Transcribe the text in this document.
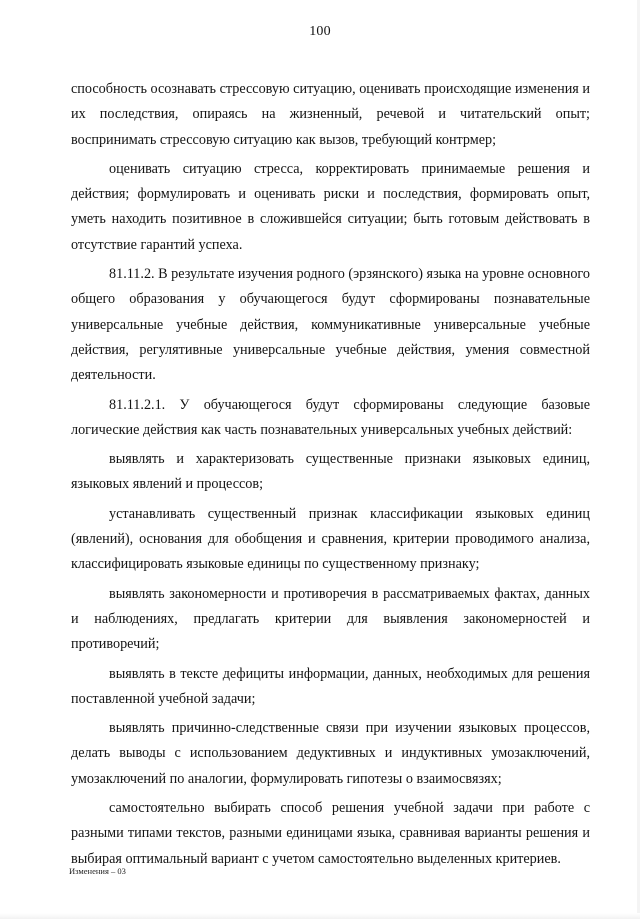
100

способность осознавать стрессовую ситуацию, оценивать происходящие изменения и их последствия, опираясь на жизненный, речевой и читательский опыт; воспринимать стрессовую ситуацию как вызов, требующий контрмер;

оценивать ситуацию стресса, корректировать принимаемые решения и действия; формулировать и оценивать риски и последствия, формировать опыт, уметь находить позитивное в сложившейся ситуации; быть готовым действовать в отсутствие гарантий успеха.

81.11.2. В результате изучения родного (эрзянского) языка на уровне основного общего образования у обучающегося будут сформированы познавательные универсальные учебные действия, коммуникативные универсальные учебные действия, регулятивные универсальные учебные действия, умения совместной деятельности.

81.11.2.1. У обучающегося будут сформированы следующие базовые логические действия как часть познавательных универсальных учебных действий:

выявлять и характеризовать существенные признаки языковых единиц, языковых явлений и процессов;

устанавливать существенный признак классификации языковых единиц (явлений), основания для обобщения и сравнения, критерии проводимого анализа, классифицировать языковые единицы по существенному признаку;

выявлять закономерности и противоречия в рассматриваемых фактах, данных и наблюдениях, предлагать критерии для выявления закономерностей и противоречий;

выявлять в тексте дефициты информации, данных, необходимых для решения поставленной учебной задачи;

выявлять причинно-следственные связи при изучении языковых процессов, делать выводы с использованием дедуктивных и индуктивных умозаключений, умозаключений по аналогии, формулировать гипотезы о взаимосвязях;

самостоятельно выбирать способ решения учебной задачи при работе с разными типами текстов, разными единицами языка, сравнивая варианты решения и выбирая оптимальный вариант с учетом самостоятельно выделенных критериев.

Изменения – 03
